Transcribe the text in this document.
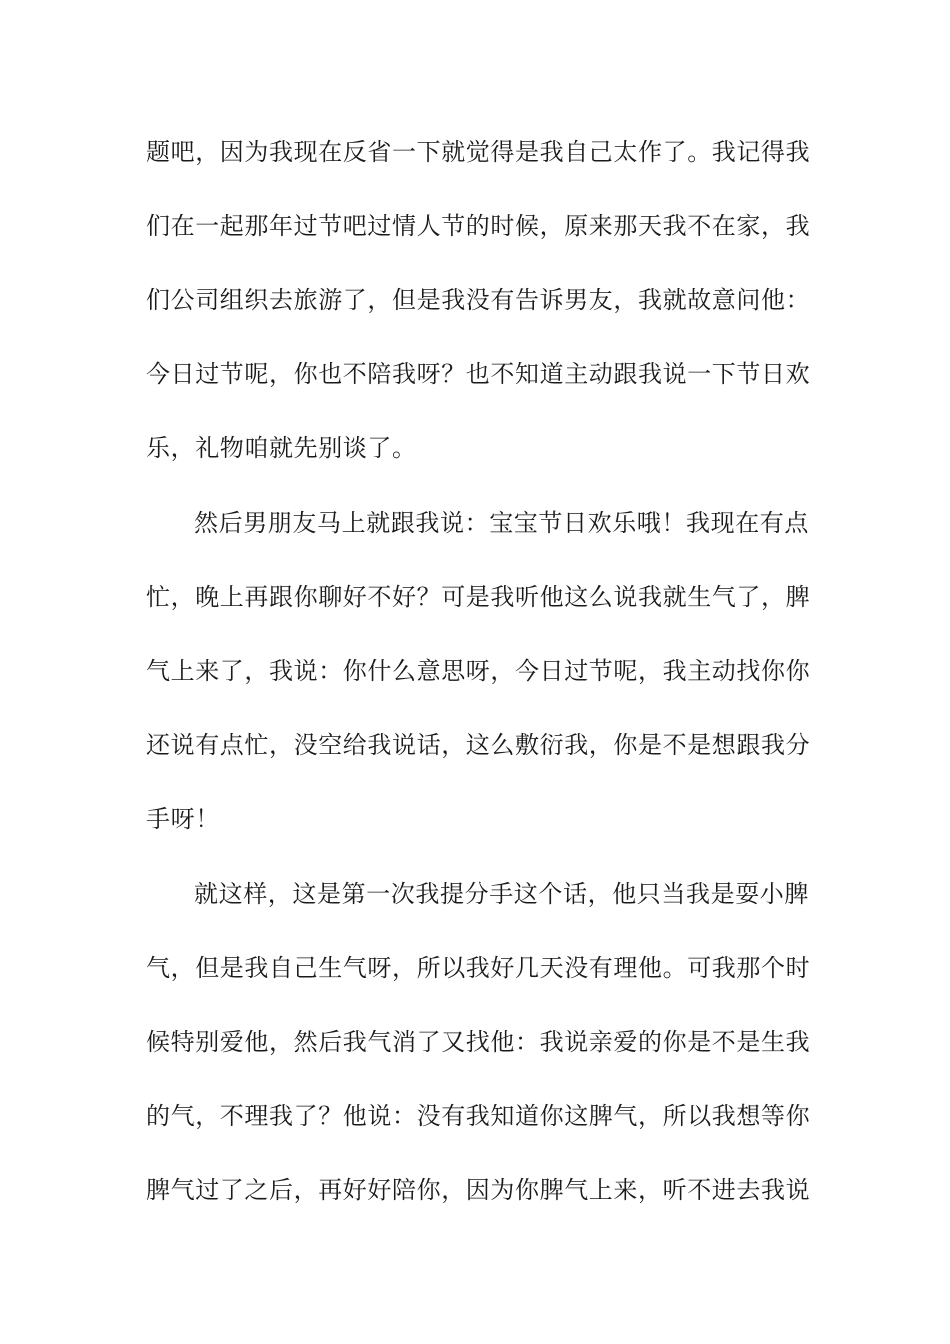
题吧，因为我现在反省一下就觉得是我自己太作了。我记得我
们在一起那年过节吧过情人节的时候，原来那天我不在家，我
们公司组织去旅游了，但是我没有告诉男友，我就故意问他：
今日过节呢，你也不陪我呀？也不知道主动跟我说一下节日欢
乐，礼物咱就先别谈了。
然后男朋友马上就跟我说：宝宝节日欢乐哦！我现在有点
忙，晚上再跟你聊好不好？可是我听他这么说我就生气了，脾
气上来了，我说：你什么意思呀，今日过节呢，我主动找你你
还说有点忙，没空给我说话，这么敷衍我，你是不是想跟我分
手呀！
就这样，这是第一次我提分手这个话，他只当我是耍小脾
气，但是我自己生气呀，所以我好几天没有理他。可我那个时
候特别爱他，然后我气消了又找他：我说亲爱的你是不是生我
的气，不理我了？他说：没有我知道你这脾气，所以我想等你
脾气过了之后，再好好陪你，因为你脾气上来，听不进去我说
